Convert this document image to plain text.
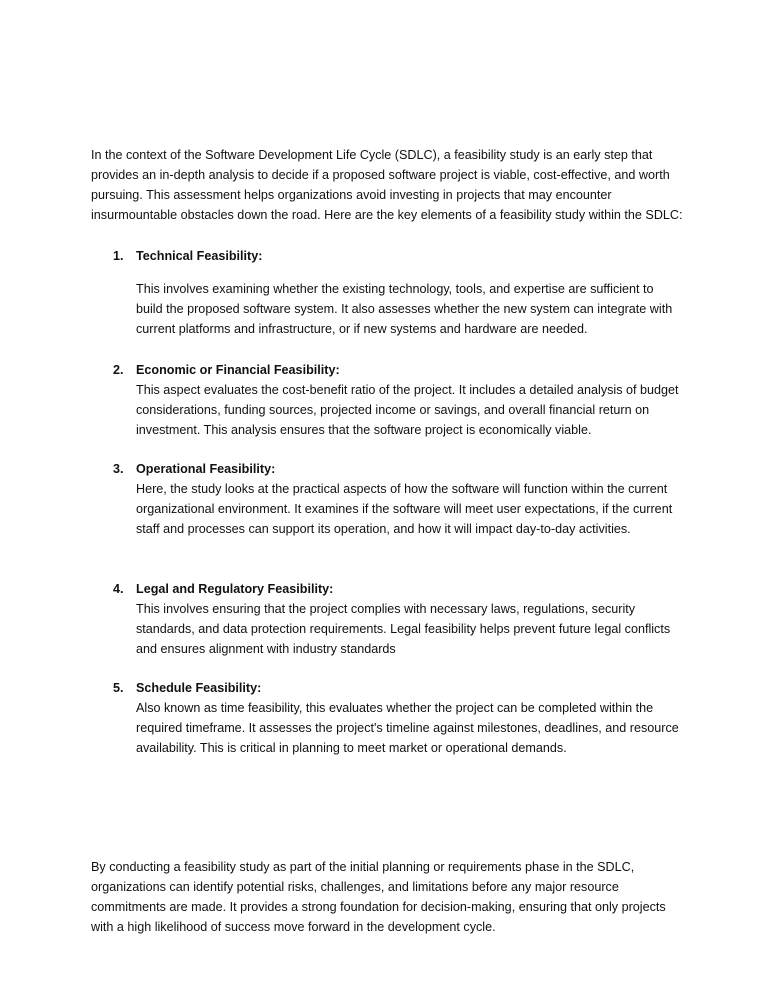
In the context of the Software Development Life Cycle (SDLC), a feasibility study is an early step that provides an in-depth analysis to decide if a proposed software project is viable, cost-effective, and worth pursuing. This assessment helps organizations avoid investing in projects that may encounter insurmountable obstacles down the road. Here are the key elements of a feasibility study within the SDLC:

1. Technical Feasibility:

This involves examining whether the existing technology, tools, and expertise are sufficient to build the proposed software system. It also assesses whether the new system can integrate with current platforms and infrastructure, or if new systems and hardware are needed.

2. Economic or Financial Feasibility:

This aspect evaluates the cost-benefit ratio of the project. It includes a detailed analysis of budget considerations, funding sources, projected income or savings, and overall financial return on investment. This analysis ensures that the software project is economically viable.

3. Operational Feasibility:

Here, the study looks at the practical aspects of how the software will function within the current organizational environment. It examines if the software will meet user expectations, if the current staff and processes can support its operation, and how it will impact day-to-day activities.

4. Legal and Regulatory Feasibility:

This involves ensuring that the project complies with necessary laws, regulations, security standards, and data protection requirements. Legal feasibility helps prevent future legal conflicts and ensures alignment with industry standards

5. Schedule Feasibility:

Also known as time feasibility, this evaluates whether the project can be completed within the required timeframe. It assesses the project's timeline against milestones, deadlines, and resource availability. This is critical in planning to meet market or operational demands.

By conducting a feasibility study as part of the initial planning or requirements phase in the SDLC, organizations can identify potential risks, challenges, and limitations before any major resource commitments are made. It provides a strong foundation for decision-making, ensuring that only projects with a high likelihood of success move forward in the development cycle.
